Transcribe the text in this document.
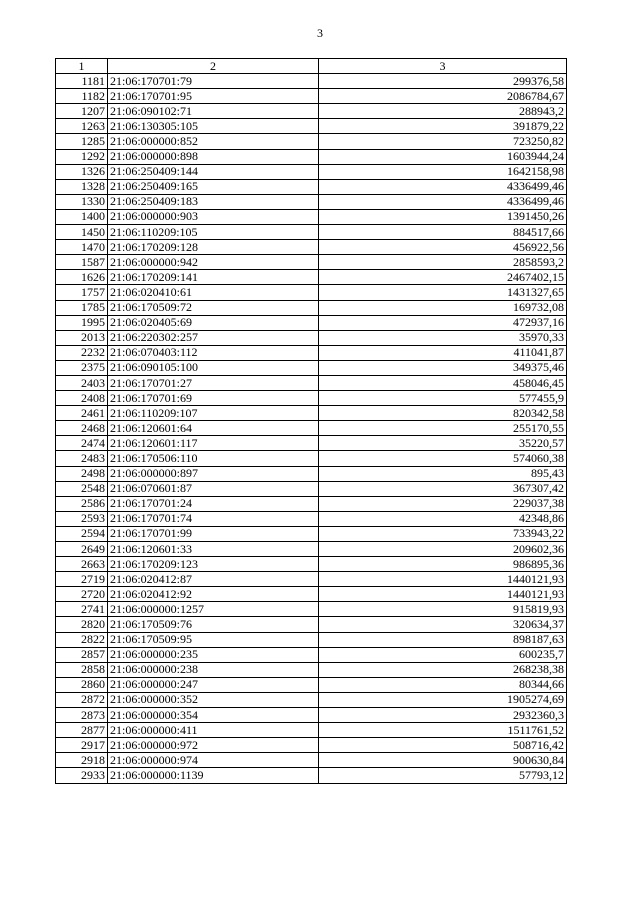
3
1	2	3
1181	21:06:170701:79	299376,58
1182	21:06:170701:95	2086784,67
1207	21:06:090102:71	288943,2
1263	21:06:130305:105	391879,22
1285	21:06:000000:852	723250,82
1292	21:06:000000:898	1603944,24
1326	21:06:250409:144	1642158,98
1328	21:06:250409:165	4336499,46
1330	21:06:250409:183	4336499,46
1400	21:06:000000:903	1391450,26
1450	21:06:110209:105	884517,66
1470	21:06:170209:128	456922,56
1587	21:06:000000:942	2858593,2
1626	21:06:170209:141	2467402,15
1757	21:06:020410:61	1431327,65
1785	21:06:170509:72	169732,08
1995	21:06:020405:69	472937,16
2013	21:06:220302:257	35970,33
2232	21:06:070403:112	411041,87
2375	21:06:090105:100	349375,46
2403	21:06:170701:27	458046,45
2408	21:06:170701:69	577455,9
2461	21:06:110209:107	820342,58
2468	21:06:120601:64	255170,55
2474	21:06:120601:117	35220,57
2483	21:06:170506:110	574060,38
2498	21:06:000000:897	895,43
2548	21:06:070601:87	367307,42
2586	21:06:170701:24	229037,38
2593	21:06:170701:74	42348,86
2594	21:06:170701:99	733943,22
2649	21:06:120601:33	209602,36
2663	21:06:170209:123	986895,36
2719	21:06:020412:87	1440121,93
2720	21:06:020412:92	1440121,93
2741	21:06:000000:1257	915819,93
2820	21:06:170509:76	320634,37
2822	21:06:170509:95	898187,63
2857	21:06:000000:235	600235,7
2858	21:06:000000:238	268238,38
2860	21:06:000000:247	80344,66
2872	21:06:000000:352	1905274,69
2873	21:06:000000:354	2932360,3
2877	21:06:000000:411	1511761,52
2917	21:06:000000:972	508716,42
2918	21:06:000000:974	900630,84
2933	21:06:000000:1139	57793,12
